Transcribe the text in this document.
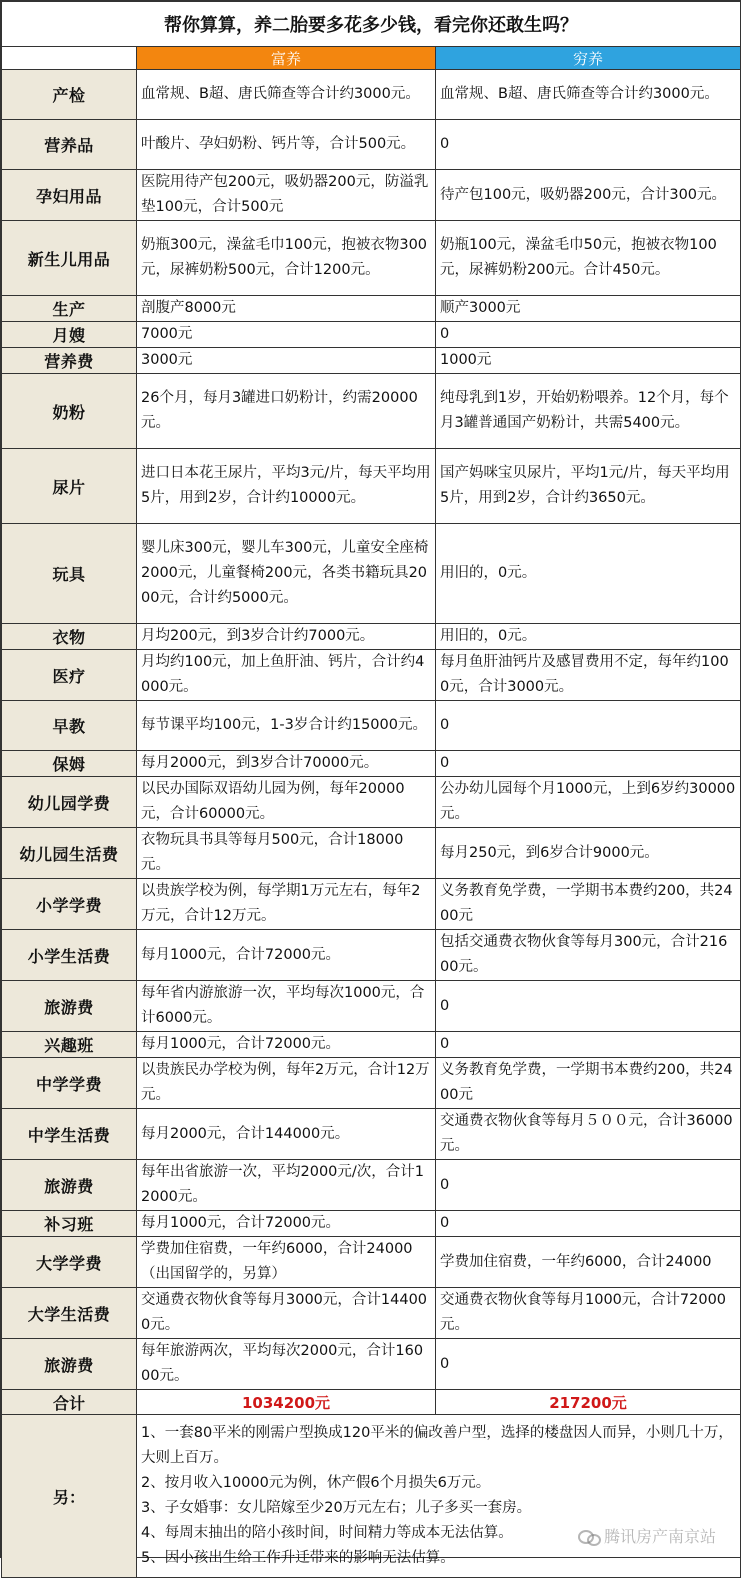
帮你算算，养二胎要多花多少钱，看完你还敢生吗？		
	富养	穷养
产检	血常规、B超、唐氏筛查等合计约3000元。	血常规、B超、唐氏筛查等合计约3000元。
营养品	叶酸片、孕妇奶粉、钙片等，合计500元。	0
孕妇用品	医院用待产包200元，吸奶器200元，防溢乳垫100元，合计500元	待产包100元，吸奶器200元，合计300元。
新生儿用品	奶瓶300元，澡盆毛巾100元，抱被衣物300元，尿裤奶粉500元，合计1200元。	奶瓶100元，澡盆毛巾50元，抱被衣物100元，尿裤奶粉200元。合计450元。
生产	剖腹产8000元	顺产3000元
月嫂	7000元	0
营养费	3000元	1000元
奶粉	26个月，每月3罐进口奶粉计，约需20000元。	纯母乳到1岁，开始奶粉喂养。12个月，每个月3罐普通国产奶粉计，共需5400元。
尿片	进口日本花王尿片，平均3元/片，每天平均用5片，用到2岁，合计约10000元。	国产妈咪宝贝尿片，平均1元/片，每天平均用5片，用到2岁，合计约3650元。
玩具	婴儿床300元，婴儿车300元，儿童安全座椅2000元，儿童餐椅200元，各类书籍玩具2000元，合计约5000元。	用旧的，0元。
衣物	月均200元，到3岁合计约7000元。	用旧的，0元。
医疗	月均约100元，加上鱼肝油、钙片，合计约4000元。	每月鱼肝油钙片及感冒费用不定，每年约1000元，合计3000元。
早教	每节课平均100元，1-3岁合计约15000元。	0
保姆	每月2000元，到3岁合计70000元。	0
幼儿园学费	以民办国际双语幼儿园为例，每年20000元，合计60000元。	公办幼儿园每个月1000元，上到6岁约30000元。
幼儿园生活费	衣物玩具书具等每月500元，合计18000元。	每月250元，到6岁合计9000元。
小学学费	以贵族学校为例，每学期1万元左右，每年2万元，合计12万元。	义务教育免学费，一学期书本费约200，共2400元
小学生活费	每月1000元，合计72000元。	包括交通费衣物伙食等每月300元，合计21600元。
旅游费	每年省内游旅游一次，平均每次1000元，合计6000元。	0
兴趣班	每月1000元，合计72000元。	0
中学学费	以贵族民办学校为例，每年2万元，合计12万元。	义务教育免学费，一学期书本费约200，共2400元
中学生活费	每月2000元，合计144000元。	交通费衣物伙食等每月５００元，合计36000元。
旅游费	每年出省旅游一次，平均2000元/次，合计12000元。	0
补习班	每月1000元，合计72000元。	0
大学学费	学费加住宿费，一年约6000，合计24000（出国留学的，另算）	学费加住宿费，一年约6000，合计24000
大学生活费	交通费衣物伙食等每月3000元，合计144000元。	交通费衣物伙食等每月1000元，合计72000元。
旅游费	每年旅游两次，平均每次2000元，合计16000元。	0
合计	1034200元	217200元
另：	1、一套80平米的刚需户型换成120平米的偏改善户型，选择的楼盘因人而异，小则几十万，大则上百万。
2、按月收入10000元为例，休产假6个月损失6万元。
3、子女婚事：女儿陪嫁至少20万元左右；儿子多买一套房。
4、每周末抽出的陪小孩时间，时间精力等成本无法估算。
5、因小孩出生给工作升迁带来的影响无法估算。	
腾讯房产南京站
